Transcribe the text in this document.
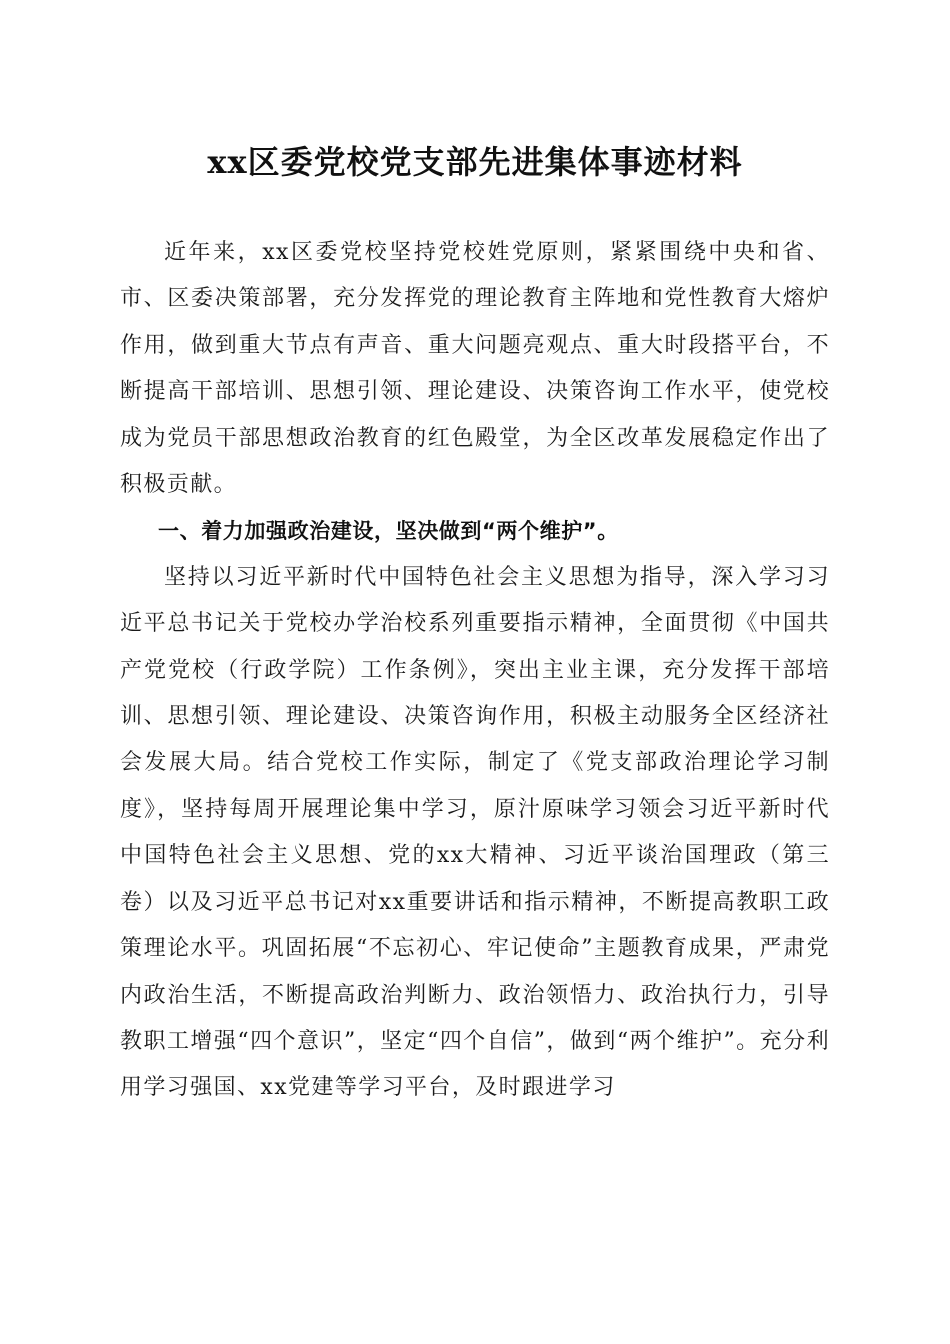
xx区委党校党支部先进集体事迹材料

近年来，xx区委党校坚持党校姓党原则，紧紧围绕中央和省、市、区委决策部署，充分发挥党的理论教育主阵地和党性教育大熔炉作用，做到重大节点有声音、重大问题亮观点、重大时段搭平台，不断提高干部培训、思想引领、理论建设、决策咨询工作水平，使党校成为党员干部思想政治教育的红色殿堂，为全区改革发展稳定作出了积极贡献。

一、着力加强政治建设，坚决做到“两个维护”。

坚持以习近平新时代中国特色社会主义思想为指导，深入学习习近平总书记关于党校办学治校系列重要指示精神，全面贯彻《中国共产党党校（行政学院）工作条例》，突出主业主课，充分发挥干部培训、思想引领、理论建设、决策咨询作用，积极主动服务全区经济社会发展大局。结合党校工作实际，制定了《党支部政治理论学习制度》，坚持每周开展理论集中学习，原汁原味学习领会习近平新时代中国特色社会主义思想、党的xx大精神、习近平谈治国理政（第三卷）以及习近平总书记对xx重要讲话和指示精神，不断提高教职工政策理论水平。巩固拓展“不忘初心、牢记使命”主题教育成果，严肃党内政治生活，不断提高政治判断力、政治领悟力、政治执行力，引导教职工增强“四个意识”，坚定“四个自信”，做到“两个维护”。充分利用学习强国、xx党建等学习平台，及时跟进学习
